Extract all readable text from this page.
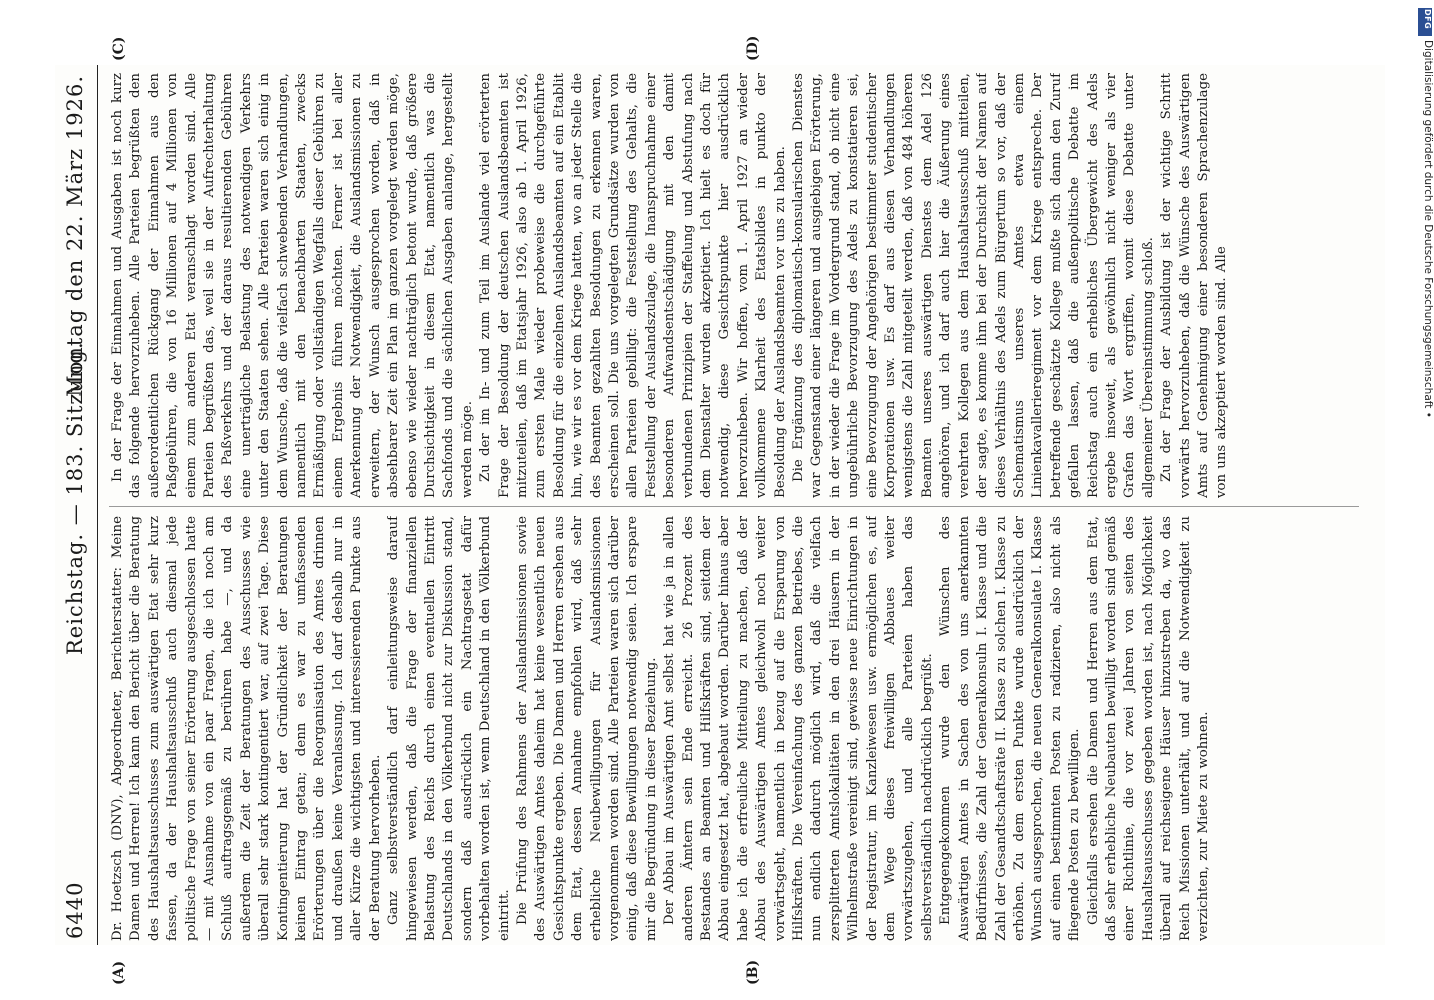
6440
Reichstag. — 183. Sitzung.
Montag den 22. März 1926.
(A)	(B)
(C)	(D)

Dr. Hoetzsch (DNV), Abgeordneter, Berichterstatter: Meine Damen und Herren! Ich kann den Bericht über die Beratung des Haushaltsausschusses zum auswärtigen Etat sehr kurz fassen, da der Haushaltsausschuß auch diesmal jede politische Frage von seiner Erörterung ausgeschlossen hatte — mit Ausnahme von ein paar Fragen, die ich noch am Schluß auftragsgemäß zu berühren habe —, und da außerdem die Zeit der Beratungen des Ausschusses wie überall sehr stark kontingentiert war, auf zwei Tage. Diese Kontingentierung hat der Gründlichkeit der Beratungen keinen Eintrag getan; denn es war zu umfassenden Erörterungen über die Reorganisation des Amtes drinnen und draußen keine Veranlassung. Ich darf deshalb nur in aller Kürze die wichtigsten und interessierenden Punkte aus der Beratung hervorheben. Ganz selbstverständlich darf einleitungsweise darauf hingewiesen werden, daß die Frage der finanziellen Belastung des Reichs durch einen eventuellen Eintritt Deutschlands in den Völkerbund nicht zur Diskussion stand, sondern daß ausdrücklich ein Nachtragsetat dafür vorbehalten worden ist, wenn Deutschland in den Völkerbund eintritt. Die Prüfung des Rahmens der Auslandsmissionen sowie des Auswärtigen Amtes daheim hat keine wesentlich neuen Gesichtspunkte ergeben. Die Damen und Herren ersehen aus dem Etat, dessen Annahme empfohlen wird, daß sehr erhebliche Neubewilligungen für Auslandsmissionen vorgenommen worden sind. Alle Parteien waren sich darüber einig, daß diese Bewilligungen notwendig seien. Ich erspare mir die Begründung in dieser Beziehung. Der Abbau im Auswärtigen Amt selbst hat wie ja in allen anderen Ämtern sein Ende erreicht. 26 Prozent des Bestandes an Beamten und Hilfskräften sind, seitdem der Abbau eingesetzt hat, abgebaut worden. Darüber hinaus aber habe ich die erfreuliche Mitteilung zu machen, daß der Abbau des Auswärtigen Amtes gleichwohl noch weiter vorwärtsgeht, namentlich in bezug auf die Ersparung von Hilfskräften. Die Vereinfachung des ganzen Betriebes, die nun endlich dadurch möglich wird, daß die vielfach zersplitterten Amtslokalitäten in den drei Häusern in der Wilhelmstraße vereinigt sind, gewisse neue Einrichtungen in der Registratur, im Kanzleiwesen usw. ermöglichen es, auf dem Wege dieses freiwilligen Abbaues weiter vorwärtszugehen, und alle Parteien haben das selbstverständlich nachdrücklich begrüßt. Entgegengekommen wurde den Wünschen des Auswärtigen Amtes in Sachen des von uns anerkannten Bedürfnisses, die Zahl der Generalkonsuln I. Klasse und die Zahl der Gesandtschaftsräte II. Klasse zu solchen I. Klasse zu erhöhen. Zu dem ersten Punkte wurde ausdrücklich der Wunsch ausgesprochen, die neuen Generalkonsulate I. Klasse auf einen bestimmten Posten zu radizieren, also nicht als fliegende Posten zu bewilligen. Gleichfalls ersehen die Damen und Herren aus dem Etat, daß sehr erhebliche Neubauten bewilligt worden sind gemäß einer Richtlinie, die vor zwei Jahren von seiten des Haushaltsausschusses gegeben worden ist, nach Möglichkeit überall auf reichseigene Häuser hinzustreben da, wo das Reich Missionen unterhält, und auf die Notwendigkeit zu verzichten, zur Miete zu wohnen.

In der Frage der Einnahmen und Ausgaben ist noch kurz das folgende hervorzuheben. Alle Parteien begrüßten den außerordentlichen Rückgang der Einnahmen aus den Paßgebühren, die von 16 Millionen auf 4 Millionen von einem zum anderen Etat veranschlagt worden sind. Alle Parteien begrüßten das, weil sie in der Aufrechterhaltung des Paßverkehrs und der daraus resultierenden Gebühren eine unerträgliche Belastung des notwendigen Verkehrs unter den Staaten sehen. Alle Parteien waren sich einig in dem Wunsche, daß die vielfach schwebenden Verhandlungen, namentlich mit den benachbarten Staaten, zwecks Ermäßigung oder vollständigen Wegfalls dieser Gebühren zu einem Ergebnis führen möchten. Ferner ist bei aller Anerkennung der Notwendigkeit, die Auslandsmissionen zu erweitern, der Wunsch ausgesprochen worden, daß in absehbarer Zeit ein Plan im ganzen vorgelegt werden möge, ebenso wie wieder nachträglich betont wurde, daß größere Durchsichtigkeit in diesem Etat, namentlich was die Sachfonds und die sächlichen Ausgaben anlange, hergestellt werden möge. Zu der im In- und zum Teil im Auslande viel erörterten Frage der Besoldung der deutschen Auslandsbeamten ist mitzuteilen, daß im Etatsjahr 1926, also ab 1. April 1926, zum ersten Male wieder probeweise die durchgeführte Besoldung für die einzelnen Auslandsbeamten auf ein Etablit hin, wie wir es vor dem Kriege hatten, wo an jeder Stelle die des Beamten gezahlten Besoldungen zu erkennen waren, erscheinen soll. Die uns vorgelegten Grundsätze wurden von allen Parteien gebilligt: die Feststellung des Gehalts, die Feststellung der Auslandszulage, die Inanspruchnahme einer besonderen Aufwandsentschädigung mit den damit verbundenen Prinzipien der Staffelung und Abstufung nach dem Dienstalter wurden akzeptiert. Ich hielt es doch für notwendig, diese Gesichtspunkte hier ausdrücklich hervorzuheben. Wir hoffen, vom 1. April 1927 an wieder vollkommene Klarheit des Etatsbildes in punkto der Besoldung der Auslandsbeamten vor uns zu haben. Die Ergänzung des diplomatisch-konsularischen Dienstes war Gegenstand einer längeren und ausgiebigen Erörterung, in der wieder die Frage im Vordergrund stand, ob nicht eine ungebührliche Bevorzugung des Adels zu konstatieren sei, eine Bevorzugung der Angehörigen bestimmter studentischer Korporationen usw. Es darf aus diesen Verhandlungen wenigstens die Zahl mitgeteilt werden, daß von 484 höheren Beamten unseres auswärtigen Dienstes dem Adel 126 angehören, und ich darf auch hier die Äußerung eines verehrten Kollegen aus dem Haushaltsausschuß mitteilen, der sagte, es komme ihm bei der Durchsicht der Namen auf dieses Verhältnis des Adels zum Bürgertum so vor, daß der Schematismus unseres Amtes etwa einem Linienkavallerieregiment vor dem Kriege entspreche. Der betreffende geschätzte Kollege mußte sich dann den Zuruf gefallen lassen, daß die außenpolitische Debatte im Reichstag auch ein erhebliches Übergewicht des Adels ergebe insoweit, als gewöhnlich nicht weniger als vier Grafen das Wort ergriffen, womit diese Debatte unter allgemeiner Übereinstimmung schloß. Zu der Frage der Ausbildung ist der wichtige Schritt vorwärts hervorzuheben, daß die Wünsche des Auswärtigen Amts auf Genehmigung einer besonderen Sprachenzulage von uns akzeptiert worden sind. Alle

DFG
Digitalisierung gefördert durch die Deutsche Forschungsgemeinschaft •
